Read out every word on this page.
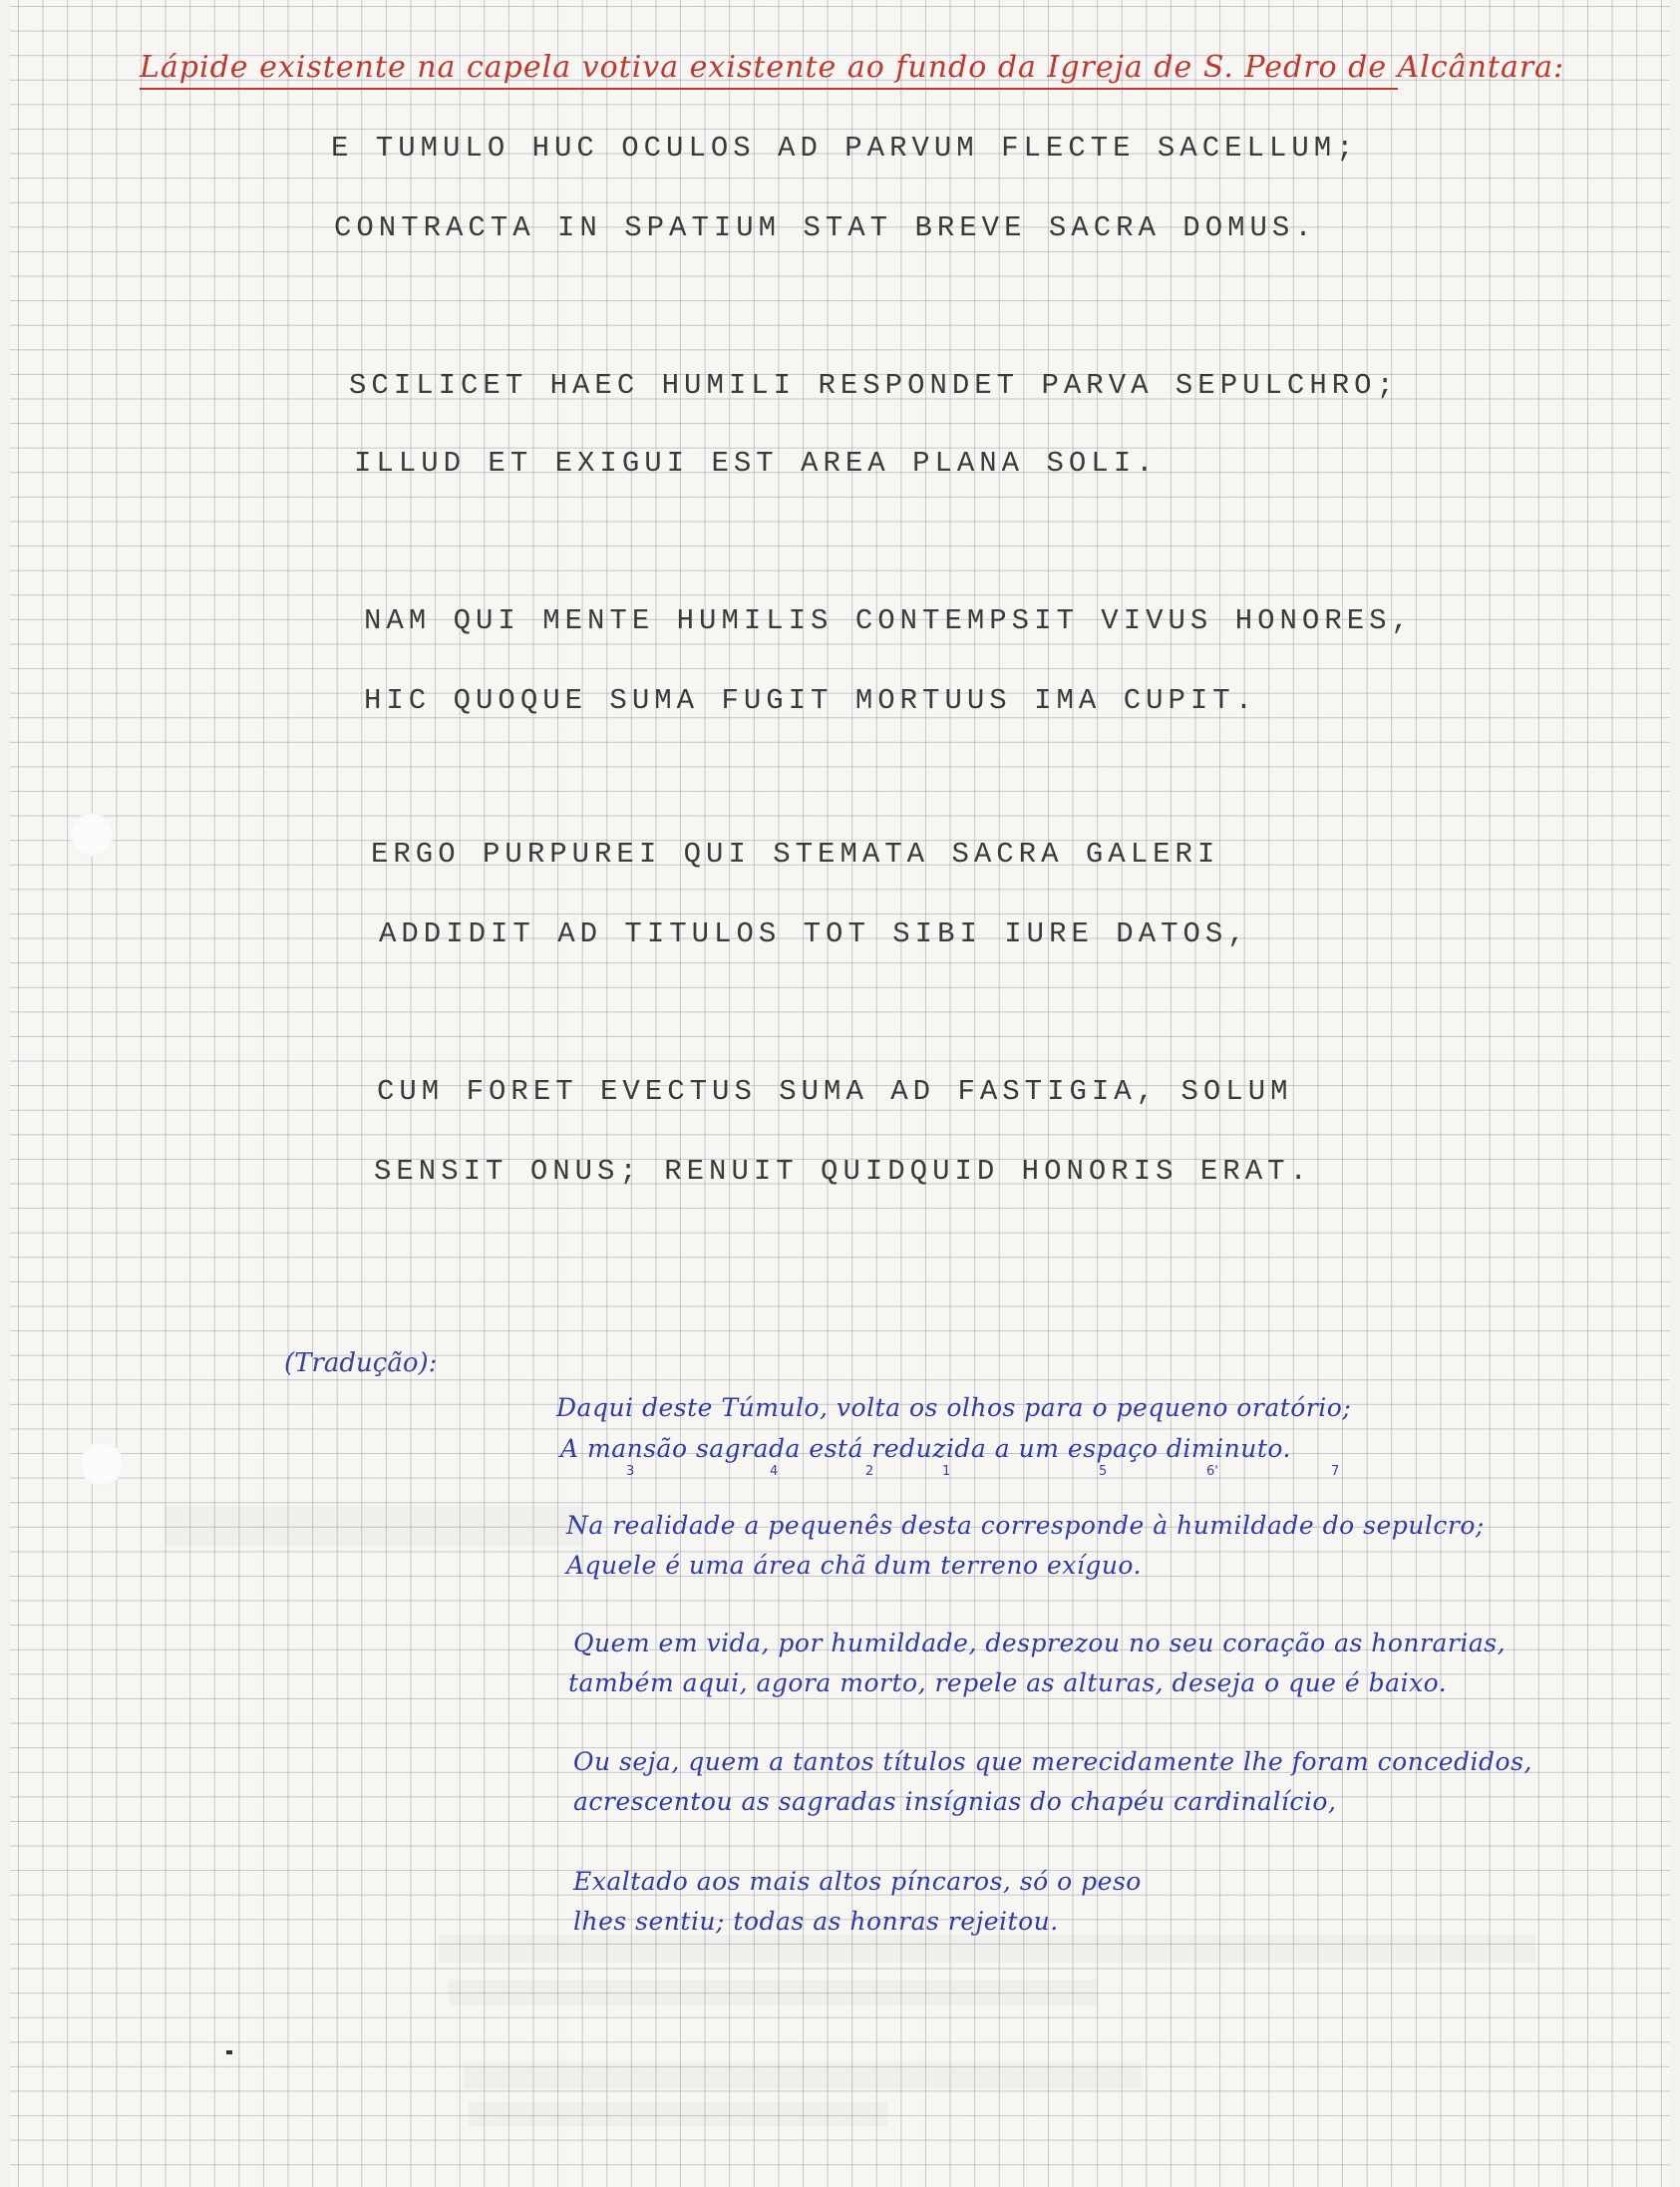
Lápide existente na capela votiva existente ao fundo da Igreja de S. Pedro de Alcântara:
E TUMULO HUC OCULOS AD PARVUM FLECTE SACELLUM;
CONTRACTA IN SPATIUM STAT BREVE SACRA DOMUS.
SCILICET HAEC HUMILI RESPONDET PARVA SEPULCHRO;
ILLUD ET EXIGUI EST AREA PLANA SOLI.
NAM QUI MENTE HUMILIS CONTEMPSIT VIVUS HONORES,
HIC QUOQUE SUMA FUGIT MORTUUS IMA CUPIT.
ERGO PURPUREI QUI STEMATA SACRA GALERI
ADDIDIT AD TITULOS TOT SIBI IURE DATOS,
CUM FORET EVECTUS SUMA AD FASTIGIA, SOLUM
SENSIT ONUS; RENUIT QUIDQUID HONORIS ERAT.
(Tradução):
Daqui deste Túmulo, volta os olhos para o pequeno oratório;
A mansão sagrada está reduzida a um espaço diminuto.
3	4	2	1	5	6'	7
Na realidade a pequenês desta corresponde à humildade do sepulcro;
Aquele é uma área chã dum terreno exíguo.
Quem em vida, por humildade, desprezou no seu coração as honrarias,
também aqui, agora morto, repele as alturas, deseja o que é baixo.
Ou seja, quem a tantos títulos que merecidamente lhe foram concedidos,
acrescentou as sagradas insígnias do chapéu cardinalício,
Exaltado aos mais altos píncaros, só o peso
lhes sentiu; todas as honras rejeitou.
